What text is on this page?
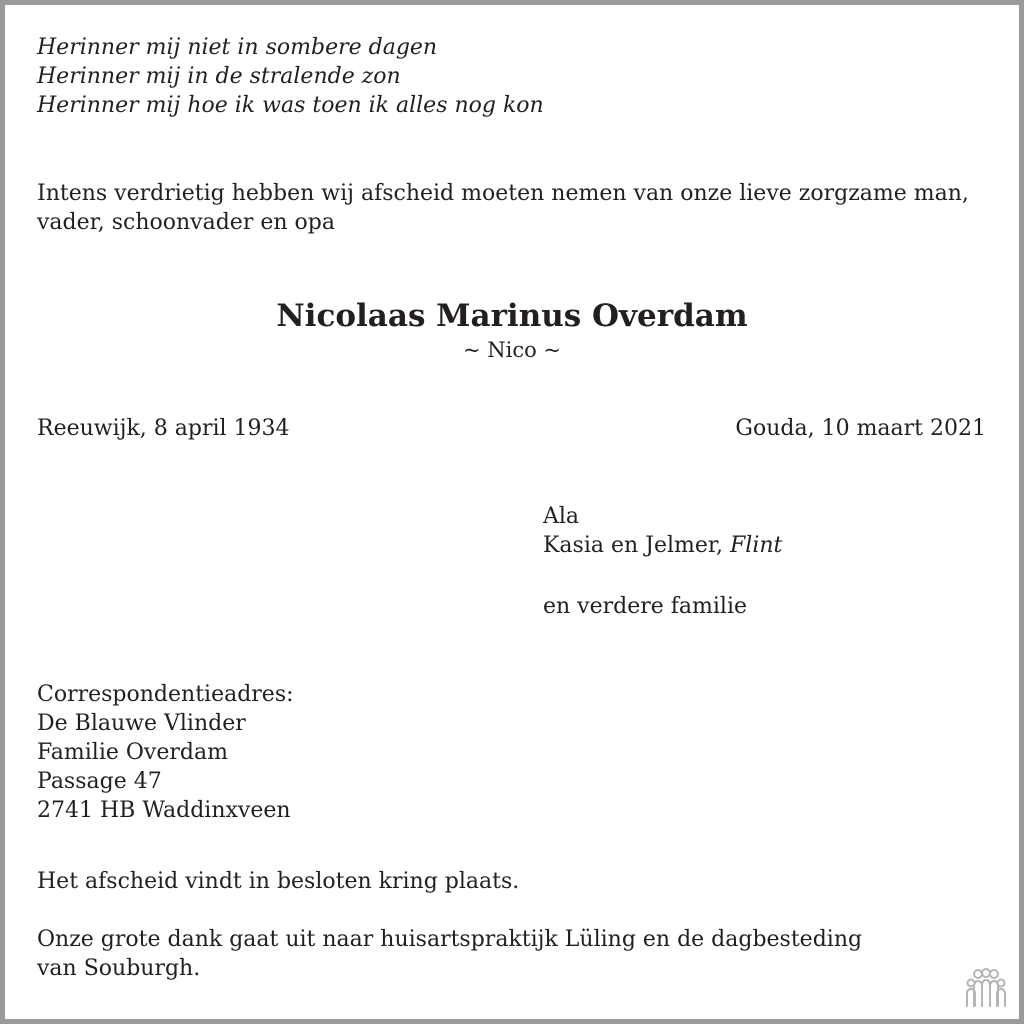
Herinner mij niet in sombere dagen
Herinner mij in de stralende zon
Herinner mij hoe ik was toen ik alles nog kon
Intens verdrietig hebben wij afscheid moeten nemen van onze lieve zorgzame man, vader, schoonvader en opa
Nicolaas Marinus Overdam
~ Nico ~
Reeuwijk, 8 april 1934	Gouda, 10 maart 2021
Ala
Kasia en Jelmer, Flint
en verdere familie
Correspondentieadres:
De Blauwe Vlinder
Familie Overdam
Passage 47
2741 HB Waddinxveen
Het afscheid vindt in besloten kring plaats.
Onze grote dank gaat uit naar huisartspraktijk Lüling en de dagbesteding
van Souburgh.
